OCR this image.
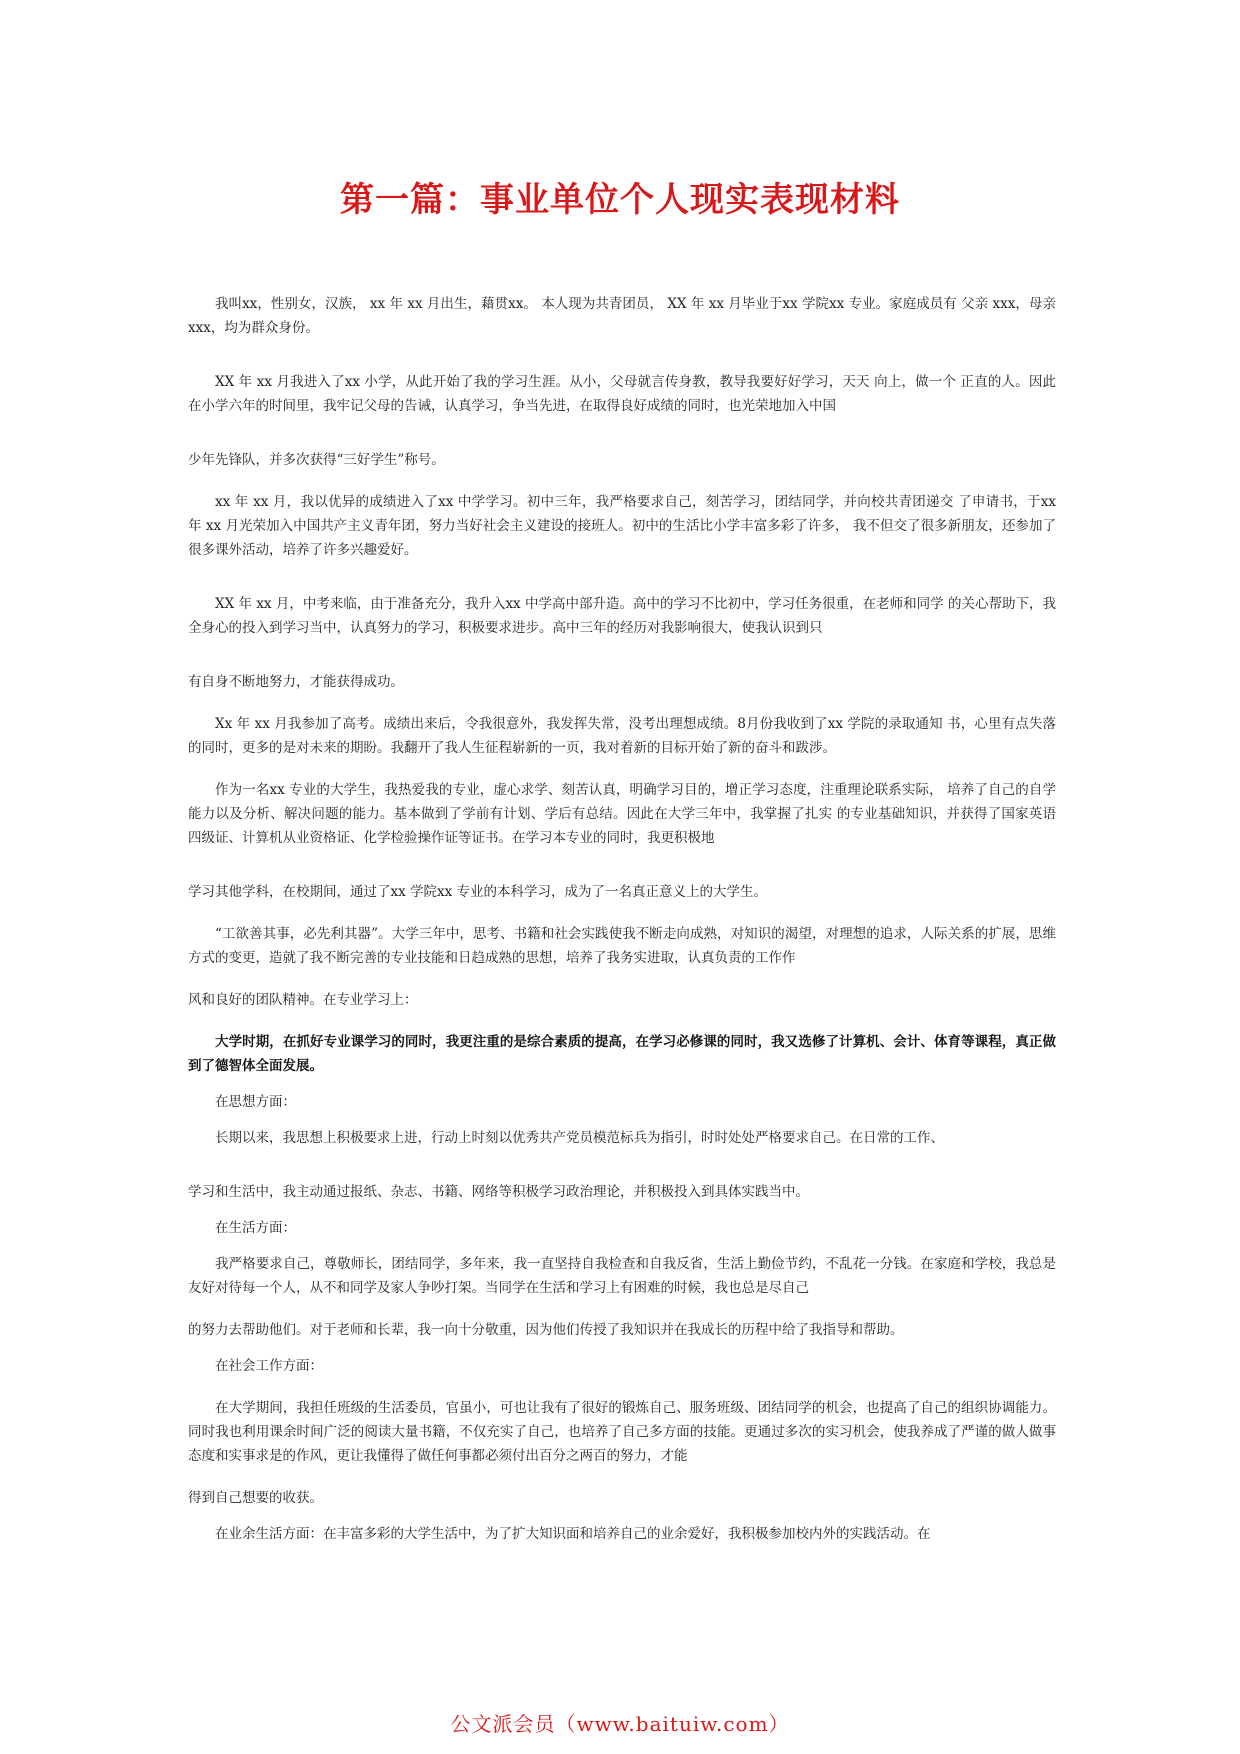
第一篇：事业单位个人现实表现材料

我叫xx，性别女，汉族， xx 年 xx 月出生，藉贯xx。 本人现为共青团员， XX 年 xx 月毕业于xx 学院xx 专业。家庭成员有 父亲 xxx，母亲 xxx，均为群众身份。

XX 年 xx 月我进入了xx 小学，从此开始了我的学习生涯。从小，父母就言传身教，教导我要好好学习，天天 向上，做一个 正直的人。因此在小学六年的时间里，我牢记父母的告诫，认真学习，争当先进，在取得良好成绩的同时，也光荣地加入中国

少年先锋队，并多次获得“三好学生”称号。

xx 年 xx 月，我以优异的成绩进入了xx 中学学习。初中三年，我严格要求自己，刻苦学习，团结同学，并向校共青团递交 了申请书，于xx 年 xx 月光荣加入中国共产主义青年团，努力当好社会主义建设的接班人。初中的生活比小学丰富多彩了许多， 我不但交了很多新朋友，还参加了很多课外活动，培养了许多兴趣爱好。

XX 年 xx 月，中考来临，由于准备充分，我升入xx 中学高中部升造。高中的学习不比初中，学习任务很重，在老师和同学 的关心帮助下，我全身心的投入到学习当中，认真努力的学习，积极要求进步。高中三年的经历对我影响很大，使我认识到只

有自身不断地努力，才能获得成功。

Xx 年 xx 月我参加了高考。成绩出来后，令我很意外，我发挥失常，没考出理想成绩。8月份我收到了xx 学院的录取通知 书，心里有点失落的同时，更多的是对未来的期盼。我翻开了我人生征程崭新的一页，我对着新的目标开始了新的奋斗和跋涉。

作为一名xx 专业的大学生，我热爱我的专业，虚心求学、刻苦认真，明确学习目的，增正学习态度，注重理论联系实际， 培养了自己的自学能力以及分析、解决问题的能力。基本做到了学前有计划、学后有总结。因此在大学三年中，我掌握了扎实 的专业基础知识，并获得了国家英语四级证、计算机从业资格证、化学检验操作证等证书。在学习本专业的同时，我更积极地

学习其他学科，在校期间，通过了xx 学院xx 专业的本科学习，成为了一名真正意义上的大学生。

“工欲善其事，必先利其器”。大学三年中，思考、书籍和社会实践使我不断走向成熟，对知识的渴望，对理想的追求，人际关系的扩展，思维方式的变更，造就了我不断完善的专业技能和日趋成熟的思想，培养了我务实进取，认真负责的工作作

风和良好的团队精神。在专业学习上：

大学时期，在抓好专业课学习的同时，我更注重的是综合素质的提高，在学习必修课的同时，我又选修了计算机、会计、体育等课程，真正做到了德智体全面发展。

在思想方面：

长期以来，我思想上积极要求上进，行动上时刻以优秀共产党员模范标兵为指引，时时处处严格要求自己。在日常的工作、

学习和生活中，我主动通过报纸、杂志、书籍、网络等积极学习政治理论，并积极投入到具体实践当中。

在生活方面：

我严格要求自己，尊敬师长，团结同学，多年来，我一直坚持自我检查和自我反省，生活上勤俭节约，不乱花一分钱。在家庭和学校，我总是友好对待每一个人，从不和同学及家人争吵打架。当同学在生活和学习上有困难的时候，我也总是尽自己

的努力去帮助他们。对于老师和长辈，我一向十分敬重，因为他们传授了我知识并在我成长的历程中给了我指导和帮助。

在社会工作方面：

在大学期间，我担任班级的生活委员，官虽小，可也让我有了很好的锻炼自己、服务班级、团结同学的机会，也提高了自己的组织协调能力。同时我也利用课余时间广泛的阅读大量书籍，不仅充实了自己，也培养了自己多方面的技能。更通过多次的实习机会，使我养成了严谨的做人做事态度和实事求是的作风，更让我懂得了做任何事都必须付出百分之两百的努力，才能

得到自己想要的收获。

在业余生活方面：在丰富多彩的大学生活中，为了扩大知识面和培养自己的业余爱好，我积极参加校内外的实践活动。在

公文派会员（www.baituiw.com）
